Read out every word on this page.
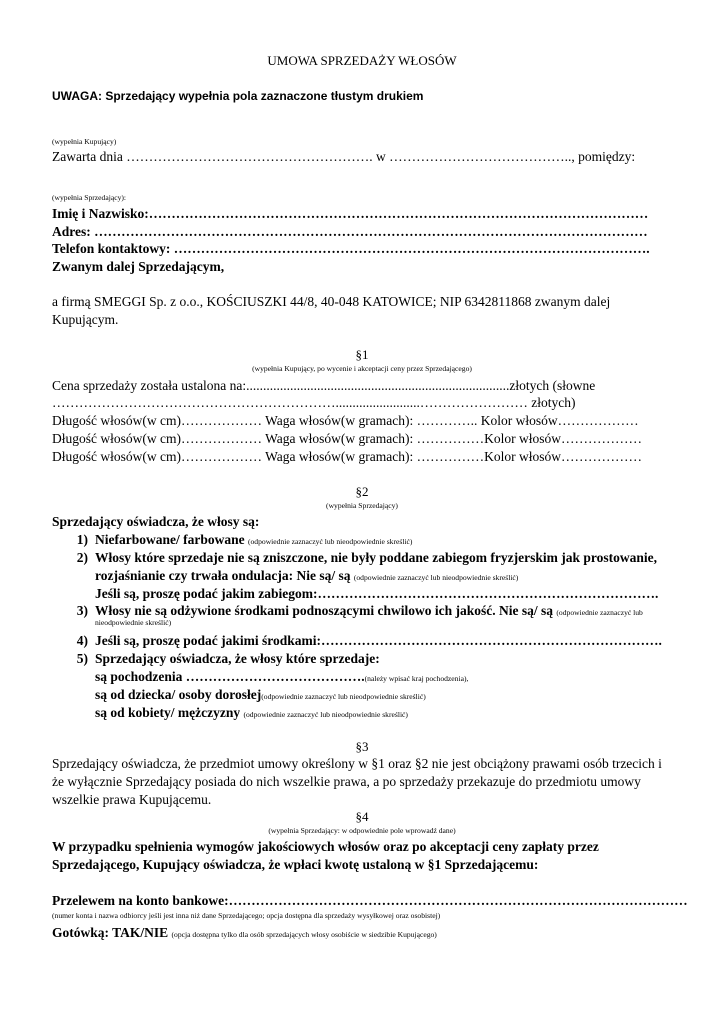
UMOWA SPRZEDAŻY WŁOSÓW
UWAGA: Sprzedający wypełnia pola zaznaczone tłustym drukiem
(wypełnia Kupujący)
Zawarta dnia ………………………………………………. w ………………………………….., pomiędzy:
(wypełnia Sprzedający):
Imię i Nazwisko:…………………………………………………………………………………………………
Adres: ……………………………………………………………………………………………………………
Telefon kontaktowy: …………………………………………………………………………………………….
Zwanym dalej Sprzedającym,
a firmą SMEGGI Sp. z o.o., KOŚCIUSZKI 44/8, 40-048 KATOWICE; NIP 6342811868 zwanym dalej
Kupującym.
§1
(wypełnia Kupujący, po wycenie i akceptacji ceny przez Sprzedającego)
Cena sprzedaży została ustalona na:..............................................................................złotych (słowne
……………………………………………………….........................…………………… złotych)
Długość włosów(w cm)……………… Waga włosów(w gramach): ………….. Kolor włosów………………
Długość włosów(w cm)……………… Waga włosów(w gramach): ……………Kolor włosów………………
Długość włosów(w cm)……………… Waga włosów(w gramach): ……………Kolor włosów………………
§2
(wypełnia Sprzedający)
Sprzedający oświadcza, że włosy są:
1) Niefarbowane/ farbowane (odpowiednie zaznaczyć lub nieodpowiednie skreślić)
2) Włosy które sprzedaje nie są zniszczone, nie były poddane zabiegom fryzjerskim jak prostowanie,
rozjaśnianie czy trwała ondulacja: Nie są/ są (odpowiednie zaznaczyć lub nieodpowiednie skreślić)
Jeśli są, proszę podać jakim zabiegom:………………………………………………………………….
3) Włosy nie są odżywione środkami podnoszącymi chwilowo ich jakość. Nie są/ są (odpowiednie zaznaczyć lub
nieodpowiednie skreślić)
4) Jeśli są, proszę podać jakimi środkami:………………………………………………………………….
5) Sprzedający oświadcza, że włosy które sprzedaje:
są pochodzenia ………………………………….(należy wpisać kraj pochodzenia),
są od dziecka/ osoby dorosłej(odpowiednie zaznaczyć lub nieodpowiednie skreślić)
są od kobiety/ mężczyzny (odpowiednie zaznaczyć lub nieodpowiednie skreślić)
§3
Sprzedający oświadcza, że przedmiot umowy określony w §1 oraz §2 nie jest obciążony prawami osób trzecich i
że wyłącznie Sprzedający posiada do nich wszelkie prawa, a po sprzedaży przekazuje do przedmiotu umowy
wszelkie prawa Kupującemu.
§4
(wypełnia Sprzedający: w odpowiednie pole wprowadź dane)
W przypadku spełnienia wymogów jakościowych włosów oraz po akceptacji ceny zapłaty przez
Sprzedającego, Kupujący oświadcza, że wpłaci kwotę ustaloną w §1 Sprzedającemu:
Przelewem na konto bankowe:…………………………………………………………………………………………
(numer konta i nazwa odbiorcy jeśli jest inna niż dane Sprzedającego; opcja dostępna dla sprzedaży wysyłkowej oraz osobistej)
Gotówką: TAK/NIE (opcja dostępna tylko dla osób sprzedających włosy osobiście w siedzibie Kupującego)
